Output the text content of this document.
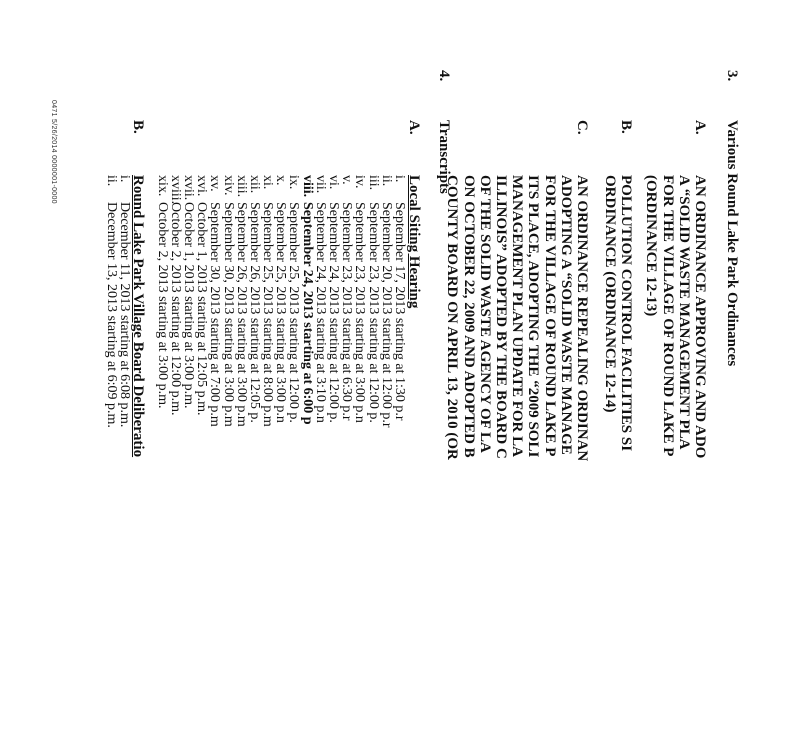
0471 5/26/2014 0000001-0000
3.
Various Round Lake Park Ordinances
A.
AN ORDINANCE APPROVING AND ADO
A “SOLID WASTE MANAGEMENT PLA
FOR THE VILLAGE OF ROUND LAKE P
(ORDINANCE 12-13)
B.
POLLUTION CONTROL FACILITIES SI
ORDINANCE (ORDINANCE 12-14)
C.
AN ORDINANCE REPEALING ORDINAN
ADOPTING A “SOLID WASTE MANAGE
FOR THE VILLAGE OF ROUND LAKE P
ITS PLACE, ADOPTING THE “2009 SOLI
MANAGEMENT PLAN UPDATE FOR LA
ILLINOIS” ADOPTED BY THE BOARD C
OF THE SOLID WASTE AGENCY OF LA
ON OCTOBER 22, 2009 AND ADOPTED B
COUNTY BOARD ON APRIL 13, 2010 (OR
4.
Transcripts
A.
Local Siting Hearing
i.September 17, 2013 starting at 1:30 p.r
ii.September 20, 2013 starting at 12:00 p.r
iii.September 23, 2013 starting at 12:00 p.
iv.September 23, 2013 starting at 3:00 p.n
v.September 23, 2013 starting at 6:30 p.r
vi.September 24, 2013 starting at 12:00 p.
vii.September 24, 2013 starting at 3:10 p.n
viii.September 24, 2013 starting at 6:00 p
ix.September 25, 2013 starting at 12:00 p.
x.September 25, 2013 starting at 3:00 p.n
xi.September 25, 2013 starting at 8:00 p.m
xii.September 26, 2013 starting at 12:05 p.
xiii.September 26, 2013 starting at 3:00 p.m
xiv.September 30, 2013 starting at 3:00 p.m
xv.September 30, 2013 starting at 7:00 p.m
xvi.October 1, 2013 starting at 12:05 p.m.
xvii.October 1, 2013 starting at 3:00 p.m.
xviii.October 2, 2013 starting at 12:00 p.m.
xix.October 2, 2013 starting at 3:00 p.m.
B.
Round Lake Park Village Board Deliberatio
i.December 11, 2013 starting at 6:08 p.m.
ii.December 13, 2013 starting at 6:09 p.m.
